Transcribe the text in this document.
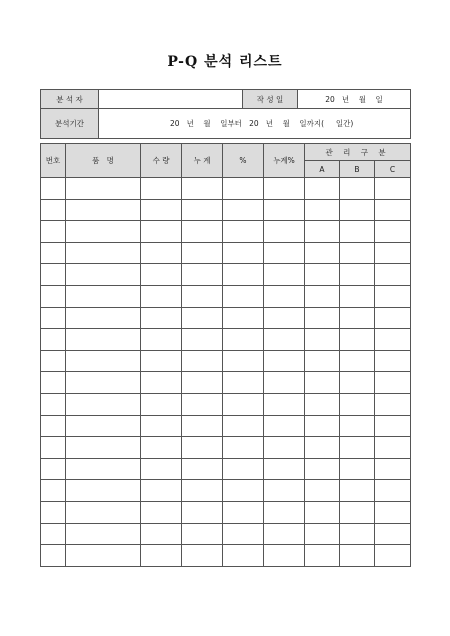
P-Q 분석 리스트
분 석 자		작 성 일	20   년    월    일
분석기간	20   년    월    일부터 20   년    월    일까지(     일간)		

번호	품   명	수 량	누 계	%	누계%	관 리 구 분		
						A	B	C
